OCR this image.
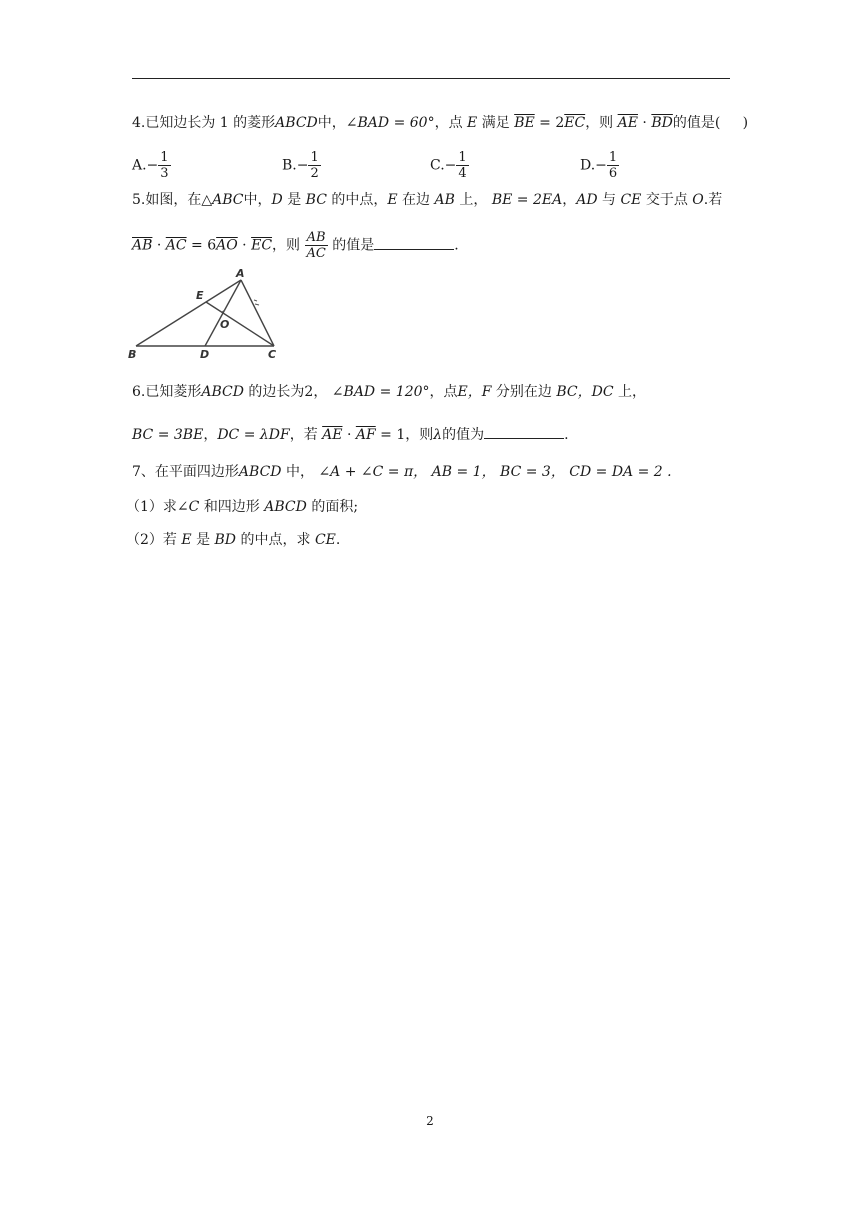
4.已知边长为 1 的菱形ABCD中，∠BAD = 60°，点 E 满足 $\overline{BE} = 2\overline{EC}$，则 $\overline{AE} \cdot \overline{BD}$的值是( )
$A.- \frac{1}{3}$	$B.- \frac{1}{2}$	$C.- \frac{1}{4}$	$D.- \frac{1}{6}$
5.如图，在△ABC中，D 是 BC 的中点，E 在边 AB 上， BE = 2EA，AD 与 CE 交于点 O.若
$\overline{AB} \cdot \overline{AC} = 6\overline{AO} \cdot \overline{EC}$，则 $\frac{AB}{AC}$ 的值是	.
A
B	C
D
E
O
6.已知菱形ABCD 的边长为2， ∠BAD = 120°，点E，F 分别在边 BC，DC 上，
BC = 3BE，DC = λDF，若 $\overline{AE} \cdot \overline{AF} = 1$，则λ的值为	.
7、在平面四边形ABCD 中， ∠A + ∠C = π， AB = 1， BC = 3， CD = DA = 2 .
（1）求∠C 和四边形 ABCD 的面积;
（2）若 E 是 BD 的中点，求 CE.
2
